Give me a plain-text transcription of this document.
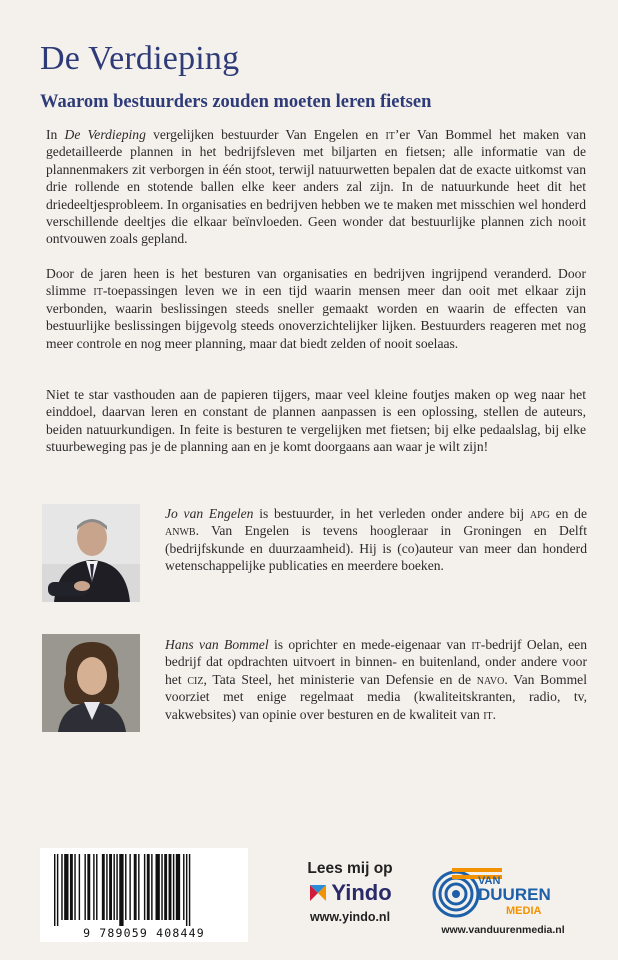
De Verdieping
Waarom bestuurders zouden moeten leren fietsen

In De Verdieping vergelijken bestuurder Van Engelen en it’er Van Bommel het maken van gedetailleerde plannen in het bedrijfsleven met biljarten en fietsen; alle informatie van de plannenmakers zit verborgen in één stoot, terwijl natuurwetten bepalen dat de exacte uitkomst van drie rollende en stotende ballen elke keer anders zal zijn. In de natuurkunde heet dit het driedeeltjesprobleem. In organisaties en bedrijven hebben we te maken met misschien wel honderd verschillende deeltjes die elkaar beïnvloeden. Geen wonder dat bestuurlijke plannen zich nooit ontvouwen zoals gepland.

Door de jaren heen is het besturen van organisaties en bedrijven ingrijpend veranderd. Door slimme it-toepassingen leven we in een tijd waarin mensen meer dan ooit met elkaar zijn verbonden, waarin beslissingen steeds sneller gemaakt worden en waarin de effecten van bestuurlijke beslissingen bijgevolg steeds onoverzichtelijker lijken. Bestuurders reageren met nog meer controle en nog meer planning, maar dat biedt zelden of nooit soelaas.

Niet te star vasthouden aan de papieren tijgers, maar veel kleine foutjes maken op weg naar het einddoel, daarvan leren en constant de plannen aanpassen is een oplossing, stellen de auteurs, beiden natuurkundigen. In feite is besturen te vergelijken met fietsen; bij elke pedaalslag, bij elke stuurbeweging pas je de planning aan en je komt doorgaans aan waar je wilt zijn!

Jo van Engelen is bestuurder, in het verleden onder andere bij apg en de anwb. Van Engelen is tevens hoogleraar in Groningen en Delft (bedrijfskunde en duurzaamheid). Hij is (co)auteur van meer dan honderd wetenschappelijke publicaties en meerdere boeken.

Hans van Bommel is oprichter en mede-eigenaar van it-bedrijf Oelan, een bedrijf dat opdrachten uitvoert in binnen- en buitenland, onder andere voor het ciz, Tata Steel, het ministerie van Defensie en de navo. Van Bommel voorziet met enige regelmaat media (kwaliteitskranten, radio, tv, vakwebsites) van opinie over besturen en de kwaliteit van it.

9 789059 408449

Lees mij op

Yindo

www.yindo.nl

VAN
DUUREN
MEDIA

www.vanduurenmedia.nl
